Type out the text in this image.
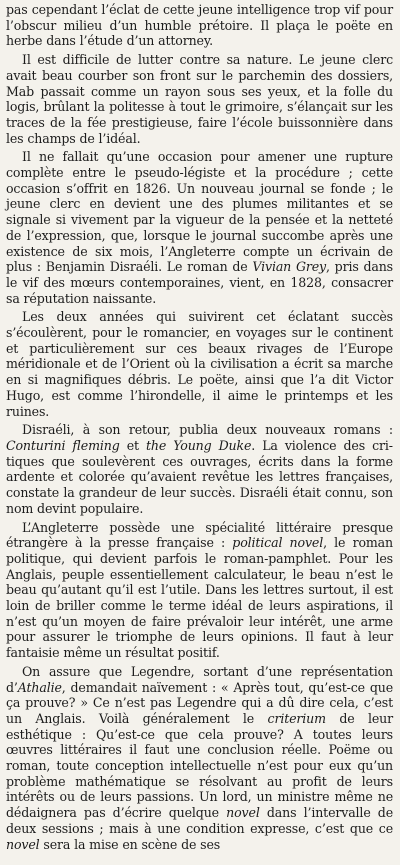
pas cependant l’éclat de cette jeune intelligence trop vif pour l’obscur milieu d’un humble prétoire. Il plaça le poëte en herbe dans l’étude d’un attorney.

Il est difficile de lutter contre sa nature. Le jeune clerc avait beau courber son front sur le parchemin des dossiers, Mab passait comme un rayon sous ses yeux, et la folle du logis, brûlant la politesse à tout le grimoire, s’élançait sur les traces de la fée prestigieuse, faire l’école buissonnière dans les champs de l’idéal.

Il ne fallait qu’une occasion pour amener une rupture complète entre le pseudo-légiste et la procédure ; cette occasion s’offrit en 1826. Un nouveau journal se fonde ; le jeune clerc en devient une des plumes militantes et se signale si vivement par la vigueur de la pensée et la netteté de l’expression, que, lorsque le journal succombe après une existence de six mois, l’Angleterre compte un écrivain de plus : Benjamin Disraéli. Le roman de Vivian Grey, pris dans le vif des mœurs contemporaines, vient, en 1828, consacrer sa réputation naissante.

Les deux années qui suivirent cet éclatant succès s’écoulèrent, pour le romancier, en voyages sur le continent et particulièrement sur ces beaux rivages de l’Europe méridionale et de l’Orient où la civilisation a écrit sa marche en si magnifiques débris. Le poëte, ainsi que l’a dit Victor Hugo, est comme l’hirondelle, il aime le printemps et les ruines.

Disraéli, à son retour, publia deux nouveaux romans : Conturini fleming et the Young Duke. La violence des critiques que soulevèrent ces ouvrages, écrits dans la forme ardente et colorée qu’avaient revêtue les lettres françaises, constate la grandeur de leur succès. Disraéli était connu, son nom devint populaire.

L’Angleterre possède une spécialité littéraire presque étrangère à la presse française : political novel, le roman politique, qui devient parfois le roman-pamphlet. Pour les Anglais, peuple essentiellement calculateur, le beau n’est le beau qu’autant qu’il est l’utile. Dans les lettres surtout, il est loin de briller comme le terme idéal de leurs aspirations, il n’est qu’un moyen de faire prévaloir leur intérêt, une arme pour assurer le triomphe de leurs opinions. Il faut à leur fantaisie même un résultat positif.

On assure que Legendre, sortant d’une représentation d’Athalie, demandait naïvement : « Après tout, qu’est-ce que ça prouve? » Ce n’est pas Legendre qui a dû dire cela, c’est un Anglais. Voilà généralement le criterium de leur esthétique : Qu’est-ce que cela prouve? A toutes leurs œuvres littéraires il faut une conclusion réelle. Poëme ou roman, toute conception intellectuelle n’est pour eux qu’un problème mathématique se résolvant au profit de leurs intérêts ou de leurs passions. Un lord, un ministre même ne dédaignera pas d’écrire quelque novel dans l’intervalle de deux sessions ; mais à une condition expresse, c’est que ce novel sera la mise en scène de ses
